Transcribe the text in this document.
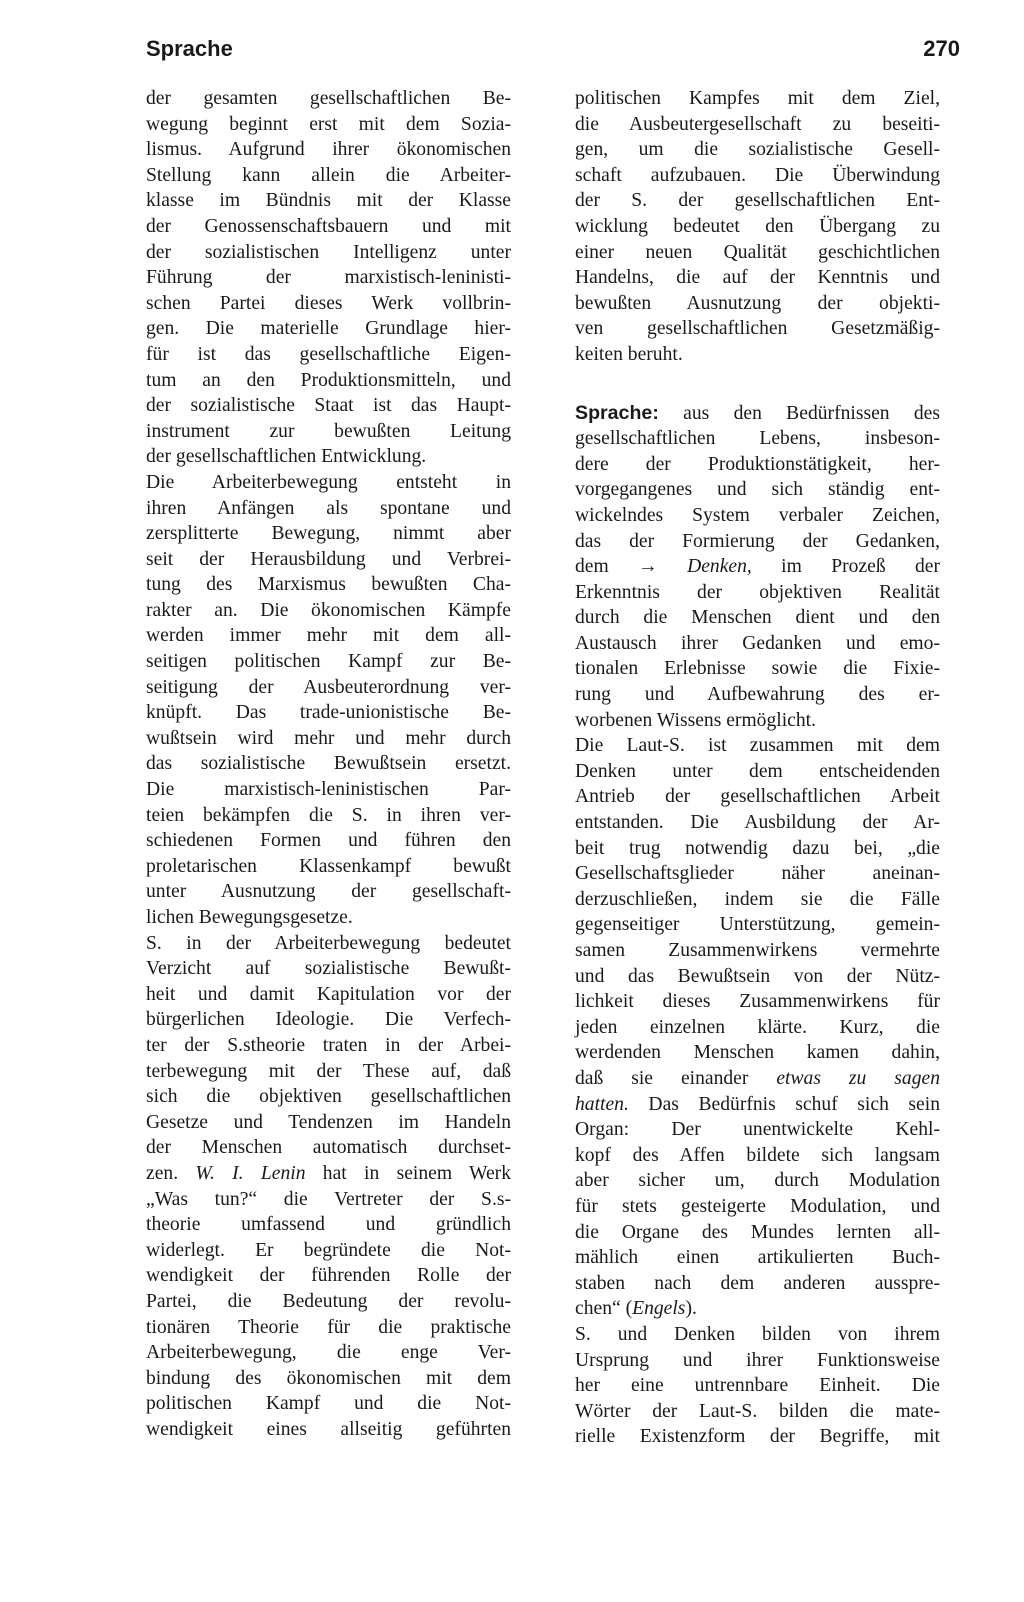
Sprache	270
der gesamten gesellschaftlichen Be-
wegung beginnt erst mit dem Sozia-
lismus. Aufgrund ihrer ökonomischen
Stellung kann allein die Arbeiter-
klasse im Bündnis mit der Klasse
der Genossenschaftsbauern und mit
der sozialistischen Intelligenz unter
Führung der marxistisch-leninisti-
schen Partei dieses Werk vollbrin-
gen. Die materielle Grundlage hier-
für ist das gesellschaftliche Eigen-
tum an den Produktionsmitteln, und
der sozialistische Staat ist das Haupt-
instrument zur bewußten Leitung
der gesellschaftlichen Entwicklung.
Die Arbeiterbewegung entsteht in
ihren Anfängen als spontane und
zersplitterte Bewegung, nimmt aber
seit der Herausbildung und Verbrei-
tung des Marxismus bewußten Cha-
rakter an. Die ökonomischen Kämpfe
werden immer mehr mit dem all-
seitigen politischen Kampf zur Be-
seitigung der Ausbeuterordnung ver-
knüpft. Das trade-unionistische Be-
wußtsein wird mehr und mehr durch
das sozialistische Bewußtsein ersetzt.
Die marxistisch-leninistischen Par-
teien bekämpfen die S. in ihren ver-
schiedenen Formen und führen den
proletarischen Klassenkampf bewußt
unter Ausnutzung der gesellschaft-
lichen Bewegungsgesetze.
S. in der Arbeiterbewegung bedeutet
Verzicht auf sozialistische Bewußt-
heit und damit Kapitulation vor der
bürgerlichen Ideologie. Die Verfech-
ter der S.stheorie traten in der Arbei-
terbewegung mit der These auf, daß
sich die objektiven gesellschaftlichen
Gesetze und Tendenzen im Handeln
der Menschen automatisch durchset-
zen. W. I. Lenin hat in seinem Werk
„Was tun?“ die Vertreter der S.s-
theorie umfassend und gründlich
widerlegt. Er begründete die Not-
wendigkeit der führenden Rolle der
Partei, die Bedeutung der revolu-
tionären Theorie für die praktische
Arbeiterbewegung, die enge Ver-
bindung des ökonomischen mit dem
politischen Kampf und die Not-
wendigkeit eines allseitig geführten
politischen Kampfes mit dem Ziel,
die Ausbeutergesellschaft zu beseiti-
gen, um die sozialistische Gesell-
schaft aufzubauen. Die Überwindung
der S. der gesellschaftlichen Ent-
wicklung bedeutet den Übergang zu
einer neuen Qualität geschichtlichen
Handelns, die auf der Kenntnis und
bewußten Ausnutzung der objekti-
ven gesellschaftlichen Gesetzmäßig-
keiten beruht.
Sprache: aus den Bedürfnissen des
gesellschaftlichen Lebens, insbeson-
dere der Produktionstätigkeit, her-
vorgegangenes und sich ständig ent-
wickelndes System verbaler Zeichen,
das der Formierung der Gedanken,
dem → Denken, im Prozeß der
Erkenntnis der objektiven Realität
durch die Menschen dient und den
Austausch ihrer Gedanken und emo-
tionalen Erlebnisse sowie die Fixie-
rung und Aufbewahrung des er-
worbenen Wissens ermöglicht.
Die Laut-S. ist zusammen mit dem
Denken unter dem entscheidenden
Antrieb der gesellschaftlichen Arbeit
entstanden. Die Ausbildung der Ar-
beit trug notwendig dazu bei, „die
Gesellschaftsglieder näher aneinan-
derzuschließen, indem sie die Fälle
gegenseitiger Unterstützung, gemein-
samen Zusammenwirkens vermehrte
und das Bewußtsein von der Nütz-
lichkeit dieses Zusammenwirkens für
jeden einzelnen klärte. Kurz, die
werdenden Menschen kamen dahin,
daß sie einander etwas zu sagen
hatten. Das Bedürfnis schuf sich sein
Organ: Der unentwickelte Kehl-
kopf des Affen bildete sich langsam
aber sicher um, durch Modulation
für stets gesteigerte Modulation, und
die Organe des Mundes lernten all-
mählich einen artikulierten Buch-
staben nach dem anderen ausspre-
chen“ (Engels).
S. und Denken bilden von ihrem
Ursprung und ihrer Funktionsweise
her eine untrennbare Einheit. Die
Wörter der Laut-S. bilden die mate-
rielle Existenzform der Begriffe, mit
